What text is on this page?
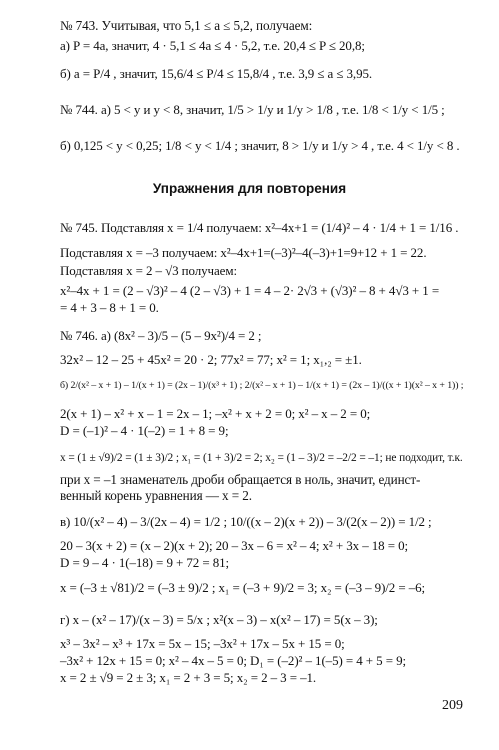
№ 743. Учитывая, что 5,1 ≤ a ≤ 5,2, получаем:
а) P = 4a, значит, 4 · 5,1 ≤ 4a ≤ 4 · 5,2, т.е. 20,4 ≤ P ≤ 20,8;
б) a = P/4 , значит, 15,6/4 ≤ P/4 ≤ 15,8/4 , т.е. 3,9 ≤ a ≤ 3,95.
№ 744. а) 5 < y и y < 8, значит, 1/5 > 1/y и 1/y > 1/8 , т.е. 1/8 < 1/y < 1/5 ;
б) 0,125 < y < 0,25; 1/8 < y < 1/4 ; значит, 8 > 1/y и 1/y > 4 , т.е. 4 < 1/y < 8 .
Упражнения для повторения
№ 745. Подставляя x = 1/4 получаем: x²–4x+1 = (1/4)² – 4 · 1/4 + 1 = 1/16 .
Подставляя x = –3 получаем: x²–4x+1=(–3)²–4(–3)+1=9+12 + 1 = 22.
Подставляя x = 2 – √3 получаем:
x²–4x + 1 = (2 – √3)² – 4 (2 – √3) + 1 = 4 – 2· 2√3 + (√3)² – 8 + 4√3 + 1 =
= 4 + 3 – 8 + 1 = 0.
№ 746. а) (8x² – 3)/5 – (5 – 9x²)/4 = 2 ;
32x² – 12 – 25 + 45x² = 20 · 2; 77x² = 77; x² = 1; x₁,₂ = ±1.
б) 2/(x² – x + 1) – 1/(x + 1) = (2x – 1)/(x³ + 1) ; 2/(x² – x + 1) – 1/(x + 1) = (2x – 1)/((x + 1)(x² – x + 1)) ;
2(x + 1) – x² + x – 1 = 2x – 1; –x² + x + 2 = 0; x² – x – 2 = 0;
D = (–1)² – 4 · 1(–2) = 1 + 8 = 9;
x = (1 ± √9)/2 = (1 ± 3)/2 ; x₁ = (1 + 3)/2 = 2; x₂ = (1 – 3)/2 = –2/2 = –1; не подходит, т.к.
при x = –1 знаменатель дроби обращается в ноль, значит, единст-
венный корень уравнения — x = 2.
в) 10/(x² – 4) – 3/(2x – 4) = 1/2 ; 10/((x – 2)(x + 2)) – 3/(2(x – 2)) = 1/2 ;
20 – 3(x + 2) = (x – 2)(x + 2); 20 – 3x – 6 = x² – 4; x² + 3x – 18 = 0;
D = 9 – 4 · 1(–18) = 9 + 72 = 81;
x = (–3 ± √81)/2 = (–3 ± 9)/2 ; x₁ = (–3 + 9)/2 = 3; x₂ = (–3 – 9)/2 = –6;
г) x – (x² – 17)/(x – 3) = 5/x ; x²(x – 3) – x(x² – 17) = 5(x – 3);
x³ – 3x² – x³ + 17x = 5x – 15; –3x² + 17x – 5x + 15 = 0;
–3x² + 12x + 15 = 0; x² – 4x – 5 = 0; D₁ = (–2)² – 1(–5) = 4 + 5 = 9;
x = 2 ± √9 = 2 ± 3; x₁ = 2 + 3 = 5; x₂ = 2 – 3 = –1.
209
